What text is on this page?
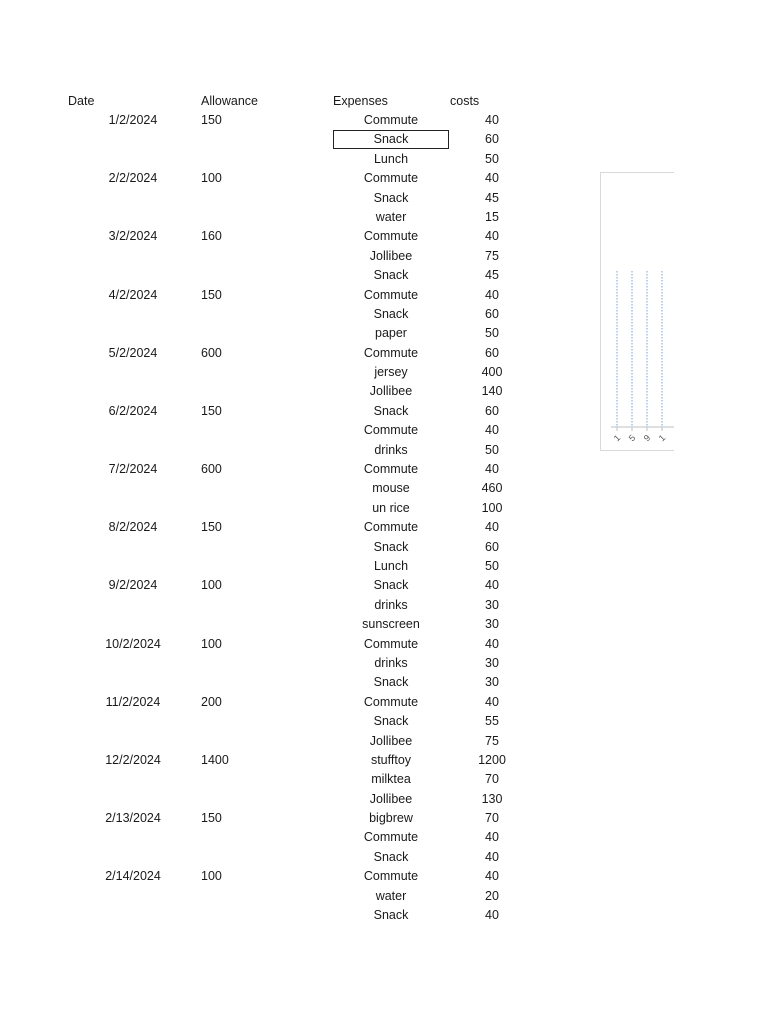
Date	Allowance	Expenses	costs
1/2/2024	150	Commute	40
Snack	60
Lunch	50
2/2/2024	100	Commute	40
Snack	45
water	15
3/2/2024	160	Commute	40
Jollibee	75
Snack	45
4/2/2024	150	Commute	40
Snack	60
paper	50
5/2/2024	600	Commute	60
jersey	400
Jollibee	140
6/2/2024	150	Snack	60
Commute	40
drinks	50
7/2/2024	600	Commute	40
mouse	460
un rice	100
8/2/2024	150	Commute	40
Snack	60
Lunch	50
9/2/2024	100	Snack	40
drinks	30
sunscreen	30
10/2/2024	100	Commute	40
drinks	30
Snack	30
11/2/2024	200	Commute	40
Snack	55
Jollibee	75
12/2/2024	1400	stufftoy	1200
milktea	70
Jollibee	130
2/13/2024	150	bigbrew	70
Commute	40
Snack	40
2/14/2024	100	Commute	40
water	20
Snack	40
1 5 9 1
